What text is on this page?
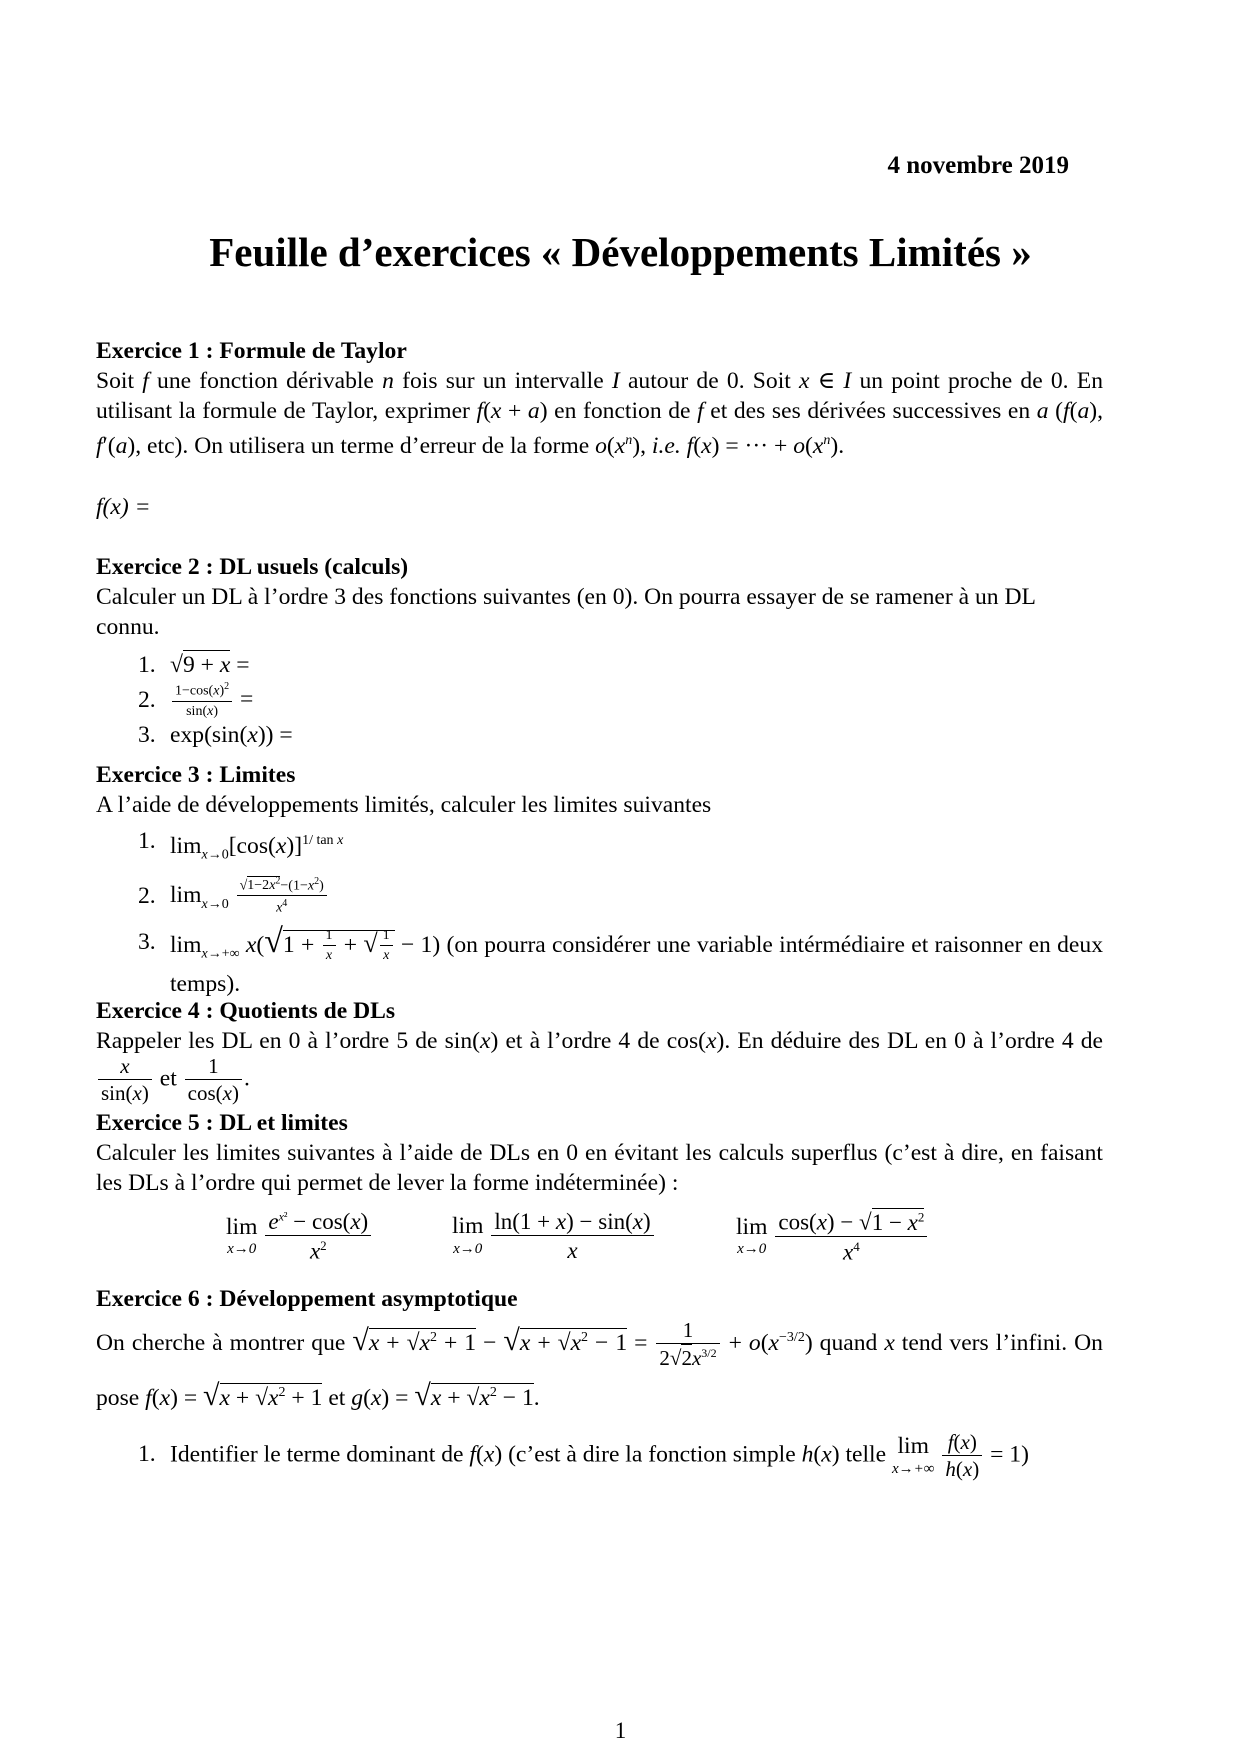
4 novembre 2019
Feuille d’exercices « Développements Limités »
Exercice 1 : Formule de Taylor
Soit f une fonction dérivable n fois sur un intervalle I autour de 0. Soit x ∈ I un point proche de 0. En utilisant la formule de Taylor, exprimer f(x + a) en fonction de f et des ses dérivées successives en a (f(a), f′(a), etc). On utilisera un terme d’erreur de la forme $o(x^n)$, i.e. f(x) = ··· + $o(x^n)$.
f(x) =
Exercice 2 : DL usuels (calculs)
Calculer un DL à l’ordre 3 des fonctions suivantes (en 0). On pourra essayer de se ramener à un DL connu.
1. √9 + x =
2. $\frac{1-\cos(x)^2}{\sin(x)}$ =
3. exp(sin(x)) =
Exercice 3 : Limites
A l’aide de développements limités, calculer les limites suivantes
1. $\lim_{x\to 0}[\cos(x)]^{1/ tan x}$
2. $\lim_{x\to 0} \frac{√1-2x^2-(1-x^2)}{x^4}$
3. $\lim_{x\to+\infty} x(√1 + \frac{1}{x}$ + √ $\frac{1}{x} - 1$) (on pourra considérer une variable intérmédiaire et raisonner en deux temps).
Exercice 4 : Quotients de DLs
Rappeler les DL en 0 à l’ordre 5 de sin(x) et à l’ordre 4 de cos(x). En déduire des DL en 0 à l’ordre 4 de
$\frac{x}{\sin(x)}$ et $\frac{1}{\cos(x)}$ .
Exercice 5 : DL et limites
Calculer les limites suivantes à l’aide de DLs en 0 en évitant les calculs superflus (c’est à dire, en faisant les DLs à l’ordre qui permet de lever la forme indéterminée) :
lim
x→0
$\frac{e^{x^2} - \cos(x)}{x^2}$	lim
x→0
$\frac{\ln(1 + x) - \sin(x)}{x}$	lim
x→0
$\frac{\cos(x) - √1 - x^2}{x^4}$
Exercice 6 : Développement asymptotique
On cherche à montrer que $√x + √x^2 + 1 - √x + √x^2 - 1 = \frac{1}{2√2x^{3/2}} + o(x^{-3/2})$ quand x tend vers l’infini. On pose $f(x) = √x + √x^2 + 1$ et $g(x) = √x + √x^2 - 1$.
1. Identifier le terme dominant de f(x) (c’est à dire la fonction simple h(x) telle lim
x→+∞
$\frac{f(x)}{h(x)} = 1$)
1
